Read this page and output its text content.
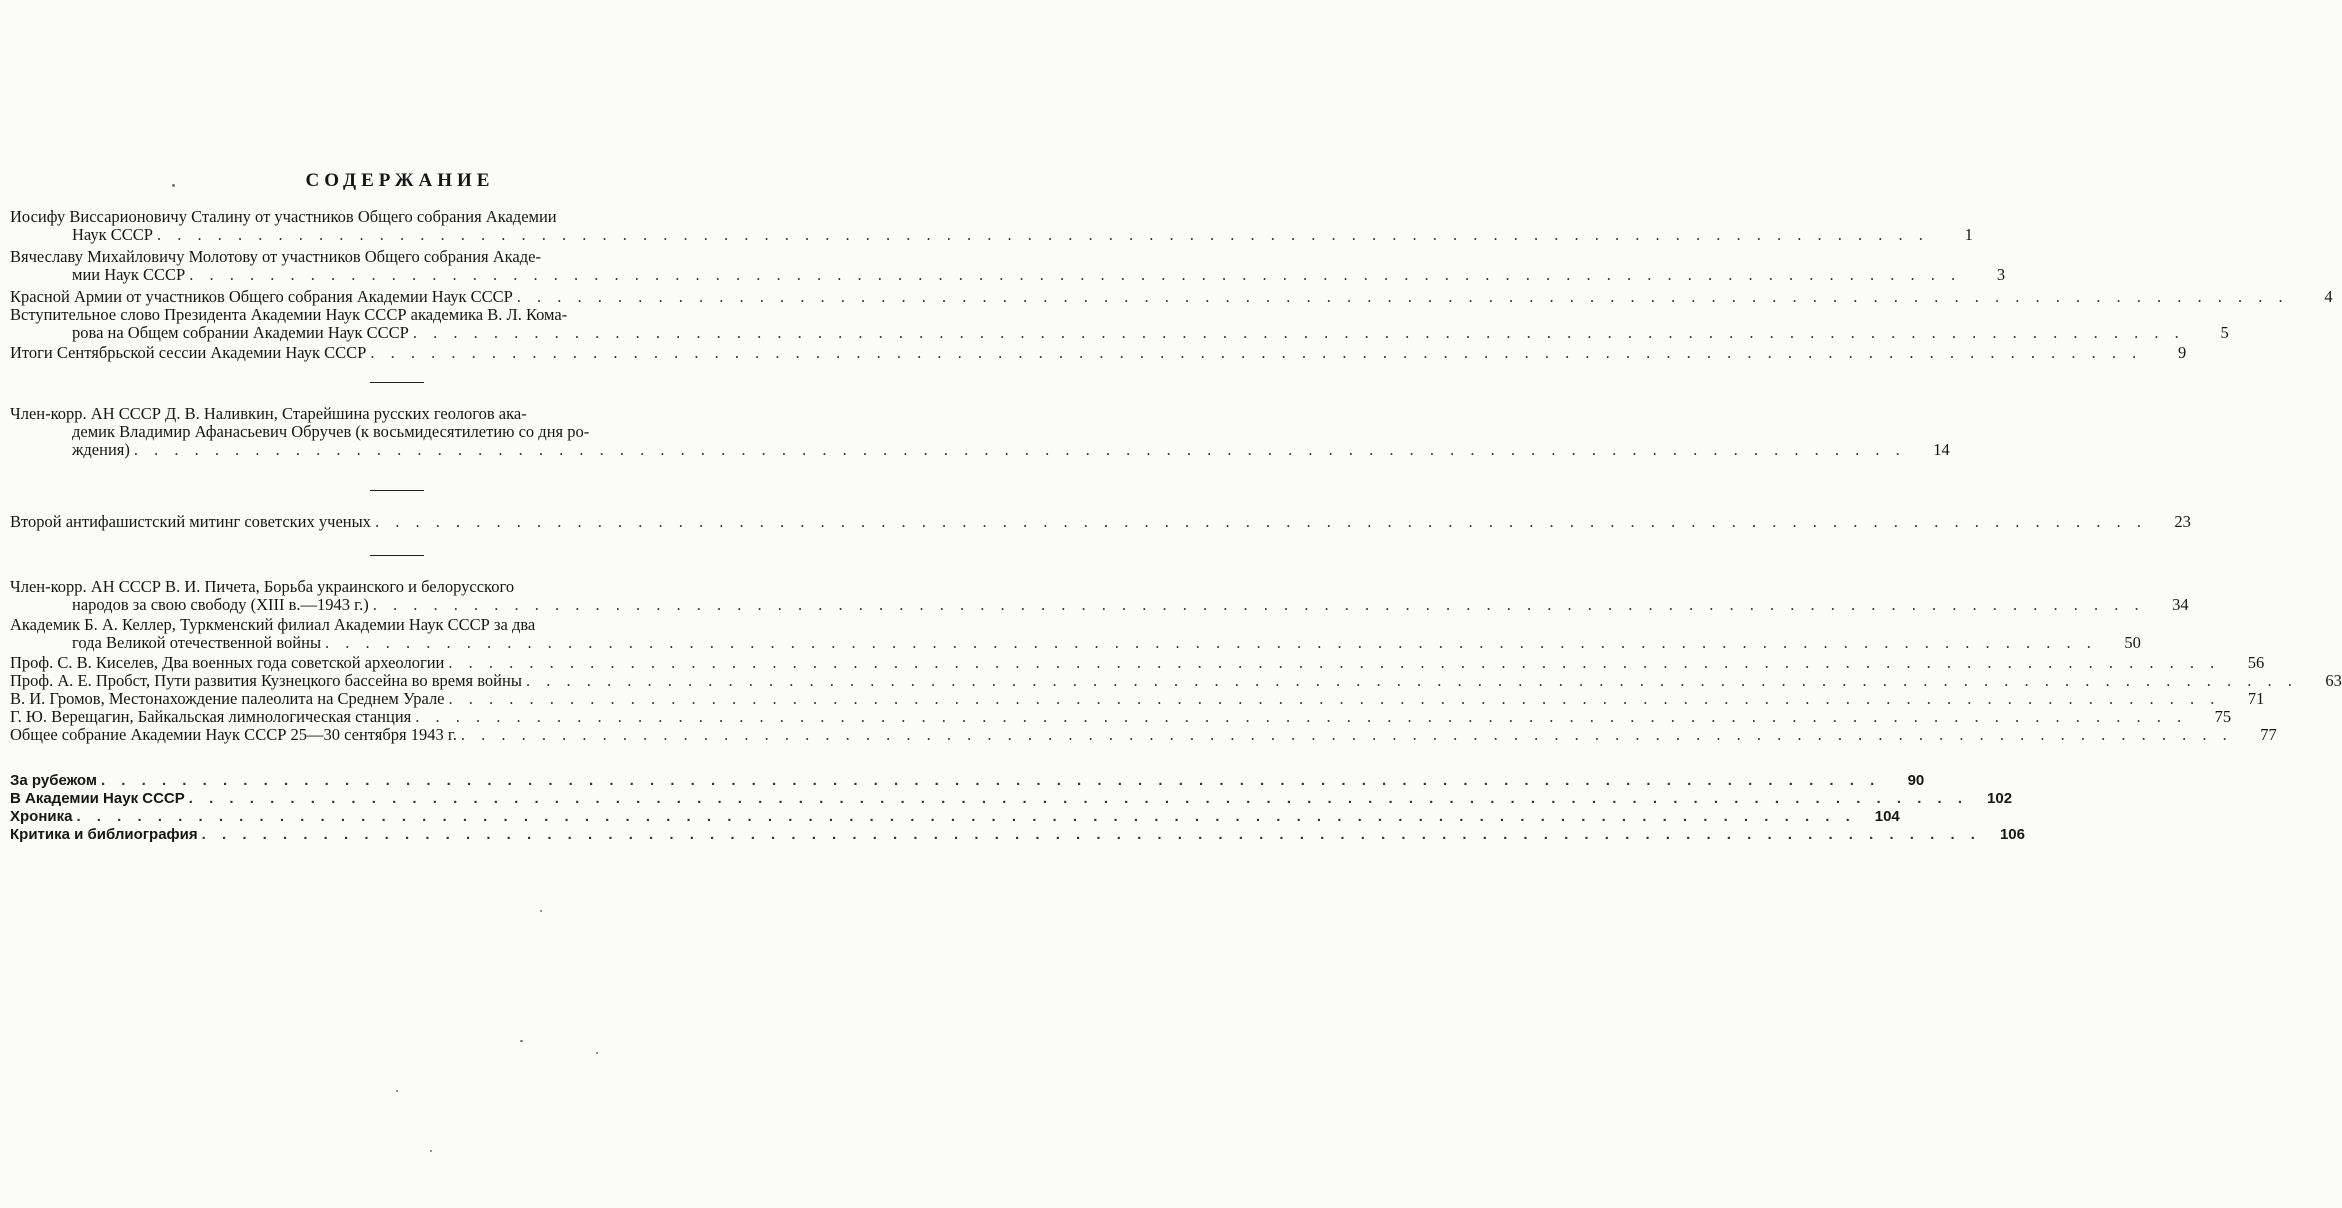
СОДЕРЖАНИЕ
Иосифу Виссарионовичу Сталину от участников Общего собрания Академии
Наук СССР . . . . . . . . . . . . . . . . . . . . . . . . . . . . . . . . . . . . . . . . . . . . . . . . . . . . . . . . . . . . . . . . . . . . . . . . . . . . . . . . . . . . . . . .	1
Вячеславу Михайловичу Молотову от участников Общего собрания Акаде-
мии Наук СССР . . . . . . . . . . . . . . . . . . . . . . . . . . . . . . . . . . . . . . . . . . . . . . . . . . . . . . . . . . . . . . . . . . . . . . . . . . . . . . . . . . . . . . . .	3
Красной Армии от участников Общего собрания Академии Наук СССР . . . . . . . . . . . . . . . . . . . . . . . . . . . . . . . . . . . . . . . . . . . . . . . . . . . . . . . . . . . . . . . . . . . . . . . . . . . . . . . . . . . . . . . .	4
Вступительное слово Президента Академии Наук СССР академика В. Л. Кома-
рова на Общем собрании Академии Наук СССР . . . . . . . . . . . . . . . . . . . . . . . . . . . . . . . . . . . . . . . . . . . . . . . . . . . . . . . . . . . . . . . . . . . . . . . . . . . . . . . . . . . . . . . .	5
Итоги Сентябрьской сессии Академии Наук СССР . . . . . . . . . . . . . . . . . . . . . . . . . . . . . . . . . . . . . . . . . . . . . . . . . . . . . . . . . . . . . . . . . . . . . . . . . . . . . . . . . . . . . . . .	9
Член-корр. АН СССР Д. В. Наливкин, Старейшина русских геологов ака-
демик Владимир Афанасьевич Обручев (к восьмидесятилетию со дня ро-
ждения) . . . . . . . . . . . . . . . . . . . . . . . . . . . . . . . . . . . . . . . . . . . . . . . . . . . . . . . . . . . . . . . . . . . . . . . . . . . . . . . . . . . . . . . .	14
Второй антифашистский митинг советских ученых . . . . . . . . . . . . . . . . . . . . . . . . . . . . . . . . . . . . . . . . . . . . . . . . . . . . . . . . . . . . . . . . . . . . . . . . . . . . . . . . . . . . . . . .	23
Член-корр. АН СССР В. И. Пичета, Борьба украинского и белорусского
народов за свою свободу (XIII в.—1943 г.) . . . . . . . . . . . . . . . . . . . . . . . . . . . . . . . . . . . . . . . . . . . . . . . . . . . . . . . . . . . . . . . . . . . . . . . . . . . . . . . . . . . . . . . .	34
Академик Б. А. Келлер, Туркменский филиал Академии Наук СССР за два
года Великой отечественной войны . . . . . . . . . . . . . . . . . . . . . . . . . . . . . . . . . . . . . . . . . . . . . . . . . . . . . . . . . . . . . . . . . . . . . . . . . . . . . . . . . . . . . . . .	50
Проф. С. В. Киселев, Два военных года советской археологии . . . . . . . . . . . . . . . . . . . . . . . . . . . . . . . . . . . . . . . . . . . . . . . . . . . . . . . . . . . . . . . . . . . . . . . . . . . . . . . . . . . . . . . .	56
Проф. А. Е. Пробст, Пути развития Кузнецкого бассейна во время войны . . . . . . . . . . . . . . . . . . . . . . . . . . . . . . . . . . . . . . . . . . . . . . . . . . . . . . . . . . . . . . . . . . . . . . . . . . . . . . . . . . . . . . . .	63
В. И. Громов, Местонахождение палеолита на Среднем Урале . . . . . . . . . . . . . . . . . . . . . . . . . . . . . . . . . . . . . . . . . . . . . . . . . . . . . . . . . . . . . . . . . . . . . . . . . . . . . . . . . . . . . . . .	71
Г. Ю. Верещагин, Байкальская лимнологическая станция . . . . . . . . . . . . . . . . . . . . . . . . . . . . . . . . . . . . . . . . . . . . . . . . . . . . . . . . . . . . . . . . . . . . . . . . . . . . . . . . . . . . . . . .	75
Общее собрание Академии Наук СССР 25—30 сентября 1943 г. . . . . . . . . . . . . . . . . . . . . . . . . . . . . . . . . . . . . . . . . . . . . . . . . . . . . . . . . . . . . . . . . . . . . . . . . . . . . . . . . . . . . . . . .	77
За рубежом . . . . . . . . . . . . . . . . . . . . . . . . . . . . . . . . . . . . . . . . . . . . . . . . . . . . . . . . . . . . . . . . . . . . . . . . . . . . . . . . . . . . . . . .	90
В Академии Наук СССР . . . . . . . . . . . . . . . . . . . . . . . . . . . . . . . . . . . . . . . . . . . . . . . . . . . . . . . . . . . . . . . . . . . . . . . . . . . . . . . . . . . . . . . .	102
Хроника . . . . . . . . . . . . . . . . . . . . . . . . . . . . . . . . . . . . . . . . . . . . . . . . . . . . . . . . . . . . . . . . . . . . . . . . . . . . . . . . . . . . . . . .	104
Критика и библиография . . . . . . . . . . . . . . . . . . . . . . . . . . . . . . . . . . . . . . . . . . . . . . . . . . . . . . . . . . . . . . . . . . . . . . . . . . . . . . . . . . . . . . . .	106
